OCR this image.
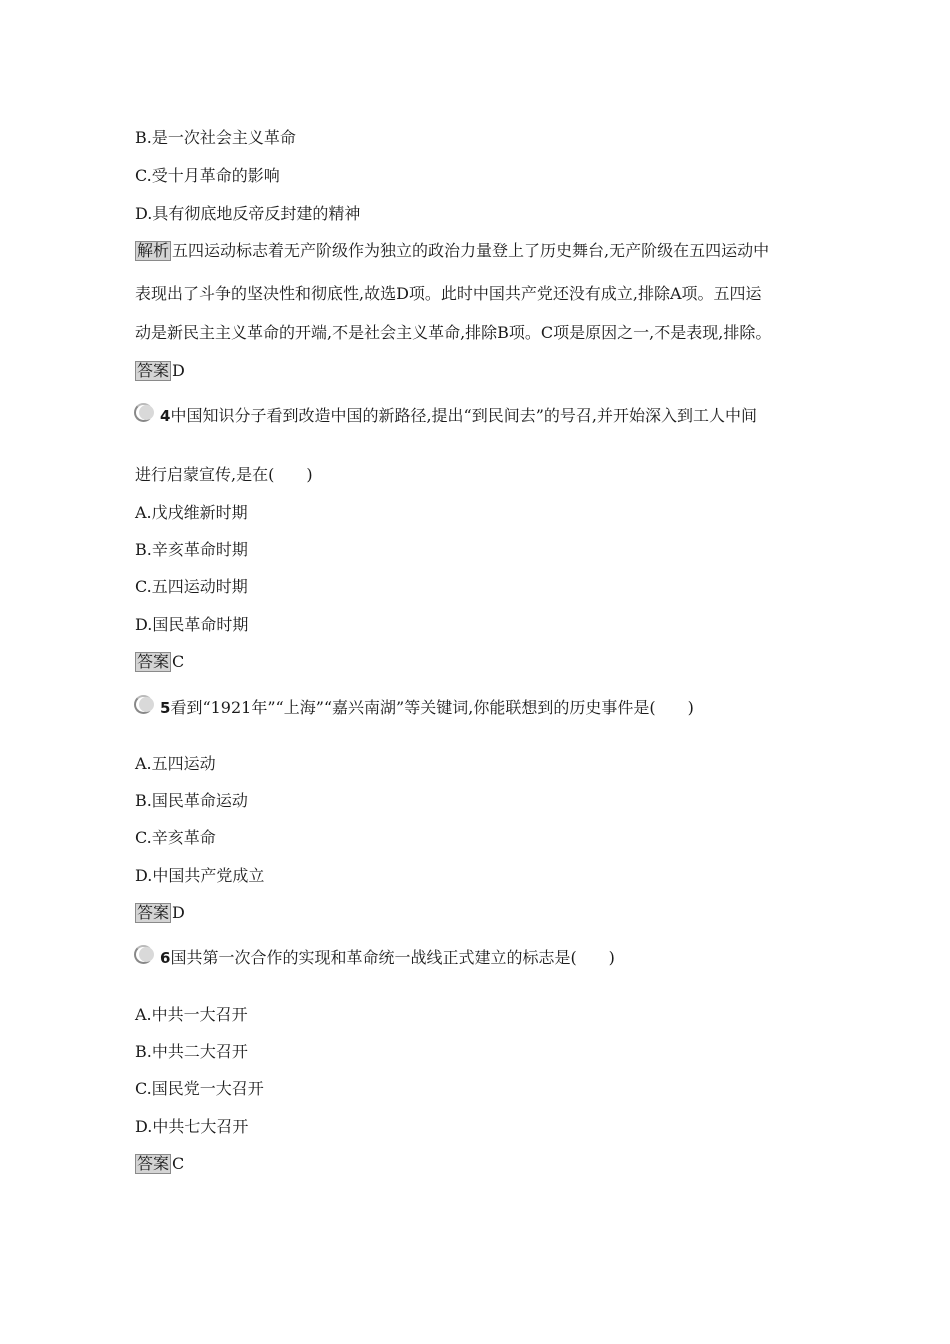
B.是一次社会主义革命
C.受十月革命的影响
D.具有彻底地反帝反封建的精神
解析 五四运动标志着无产阶级作为独立的政治力量登上了历史舞台,无产阶级在五四运动中
表现出了斗争的坚决性和彻底性,故选D项。此时中国共产党还没有成立,排除A项。五四运
动是新民主主义革命的开端,不是社会主义革命,排除B项。C项是原因之一,不是表现,排除。
答案 D
4中国知识分子看到改造中国的新路径,提出“到民间去”的号召,并开始深入到工人中间
进行启蒙宣传,是在(　　)
A.戊戌维新时期
B.辛亥革命时期
C.五四运动时期
D.国民革命时期
答案 C
5看到“1921年”“上海”“嘉兴南湖”等关键词,你能联想到的历史事件是(　　)
A.五四运动
B.国民革命运动
C.辛亥革命
D.中国共产党成立
答案 D
6国共第一次合作的实现和革命统一战线正式建立的标志是(　　)
A.中共一大召开
B.中共二大召开
C.国民党一大召开
D.中共七大召开
答案 C
